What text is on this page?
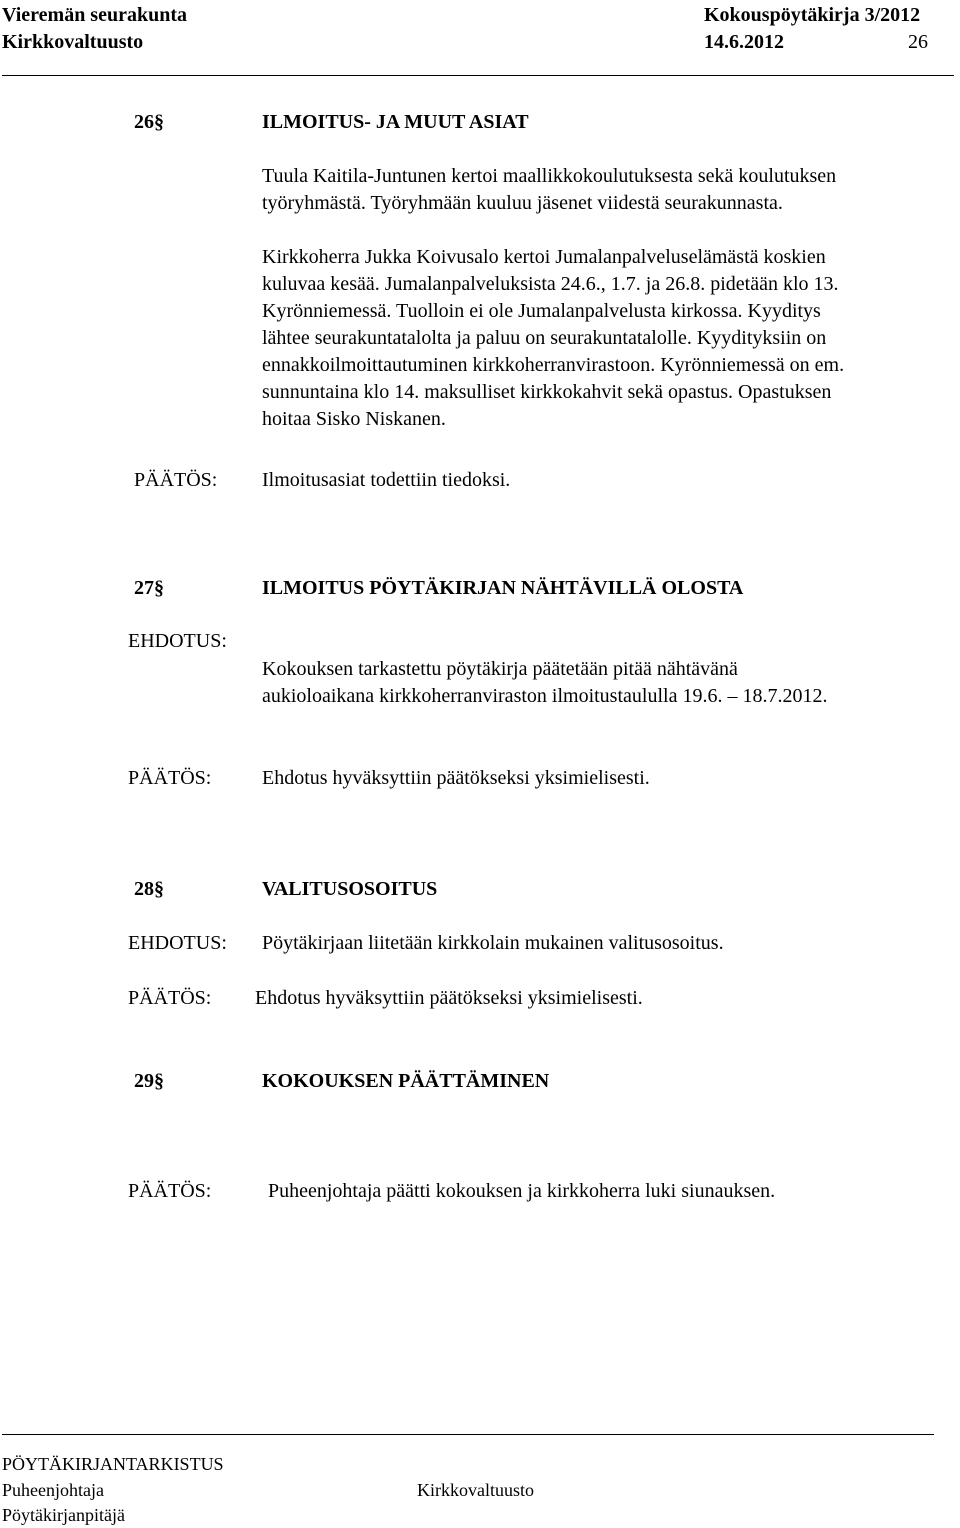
Vieremän seurakunta
Kirkkovaltuusto
Kokouspöytäkirja 3/2012
14.6.2012	26
26§	ILMOITUS- JA MUUT ASIAT
Tuula Kaitila-Juntunen kertoi maallikkokoulutuksesta sekä koulutuksen
työryhmästä. Työryhmään kuuluu jäsenet viidestä seurakunnasta.
Kirkkoherra Jukka Koivusalo kertoi Jumalanpalveluselämästä koskien
kuluvaa kesää. Jumalanpalveluksista 24.6., 1.7. ja 26.8. pidetään klo 13.
Kyrönniemessä. Tuolloin ei ole Jumalanpalvelusta kirkossa. Kyyditys
lähtee seurakuntatalolta ja paluu on seurakuntatalolle. Kyydityksiin on
ennakkoilmoittautuminen kirkkoherranvirastoon. Kyrönniemessä on em.
sunnuntaina klo 14. maksulliset kirkkokahvit sekä opastus. Opastuksen
hoitaa Sisko Niskanen.
PÄÄTÖS: Ilmoitusasiat todettiin tiedoksi.
27§	ILMOITUS PÖYTÄKIRJAN NÄHTÄVILLÄ OLOSTA
EHDOTUS:
Kokouksen tarkastettu pöytäkirja päätetään pitää nähtävänä
aukioloaikana kirkkoherranviraston ilmoitustaululla 19.6. – 18.7.2012.
PÄÄTÖS:	Ehdotus hyväksyttiin päätökseksi yksimielisesti.
28§	VALITUSOSOITUS
EHDOTUS: Pöytäkirjaan liitetään kirkkolain mukainen valitusosoitus.
PÄÄTÖS: Ehdotus hyväksyttiin päätökseksi yksimielisesti.
29§	KOKOUKSEN PÄÄTTÄMINEN
PÄÄTÖS:	Puheenjohtaja päätti kokouksen ja kirkkoherra luki siunauksen.
PÖYTÄKIRJANTARKISTUS
Puheenjohtaja
Pöytäkirjanpitäjä
Kirkkovaltuusto
